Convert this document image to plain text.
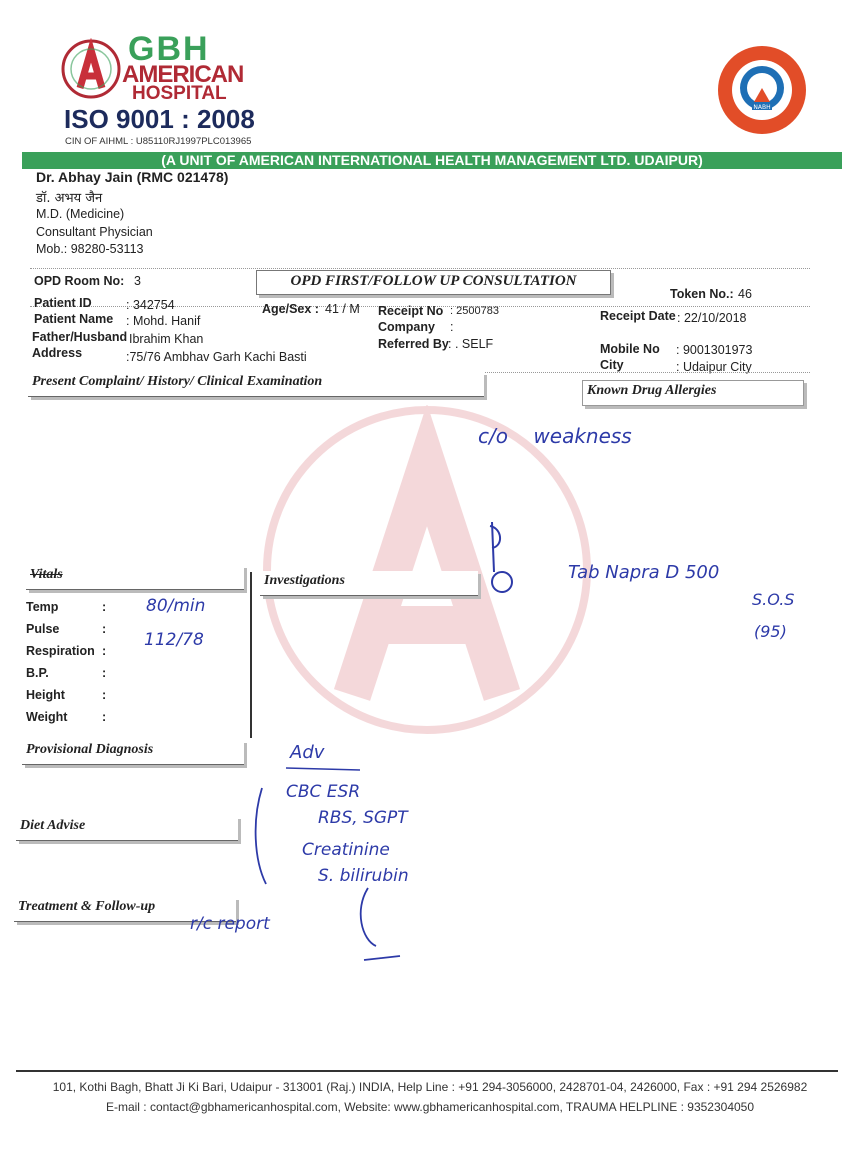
GBH
AMERICAN
HOSPITAL
ISO 9001 : 2008
CIN OF AIHML : U85110RJ1997PLC013965
NABH
(A UNIT OF AMERICAN INTERNATIONAL HEALTH MANAGEMENT LTD. UDAIPUR)
Dr. Abhay Jain (RMC 021478)
डॉ. अभय जैन
M.D. (Medicine)
Consultant Physician
Mob.: 98280-53113
OPD Room No: 3	OPD FIRST/FOLLOW UP CONSULTATION
Token No.: 46
Patient ID	: 342754
Patient Name : Mohd. Hanif
Father/Husband Ibrahim Khan
Address	:75/76 Ambhav Garh Kachi Basti
Age/Sex : 41 / M Receipt No : 2500783
Company :
Referred By : . SELF
Receipt Date : 22/10/2018
Mobile No : 9001301973
City	: Udaipur City
Present Complaint/ History/ Clinical Examination
Known Drug Allergies
Vitals	Investigations
Temp	:
Pulse	:
Respiration :
B.P.	:
Height	:
Weight	:
Provisional Diagnosis
Diet Advise
Treatment & Follow-up
c/o    weakness
80/min
112/78
Tab Napra D 500
S.O.S
(95)
Adv
CBC ESR
RBS, SGPT
Creatinine
S. bilirubin
r/c report
101, Kothi Bagh, Bhatt Ji Ki Bari, Udaipur - 313001 (Raj.) INDIA, Help Line : +91 294-3056000, 2428701-04, 2426000, Fax : +91 294 2526982
E-mail : contact@gbhamericanhospital.com, Website: www.gbhamericanhospital.com, TRAUMA HELPLINE : 9352304050
